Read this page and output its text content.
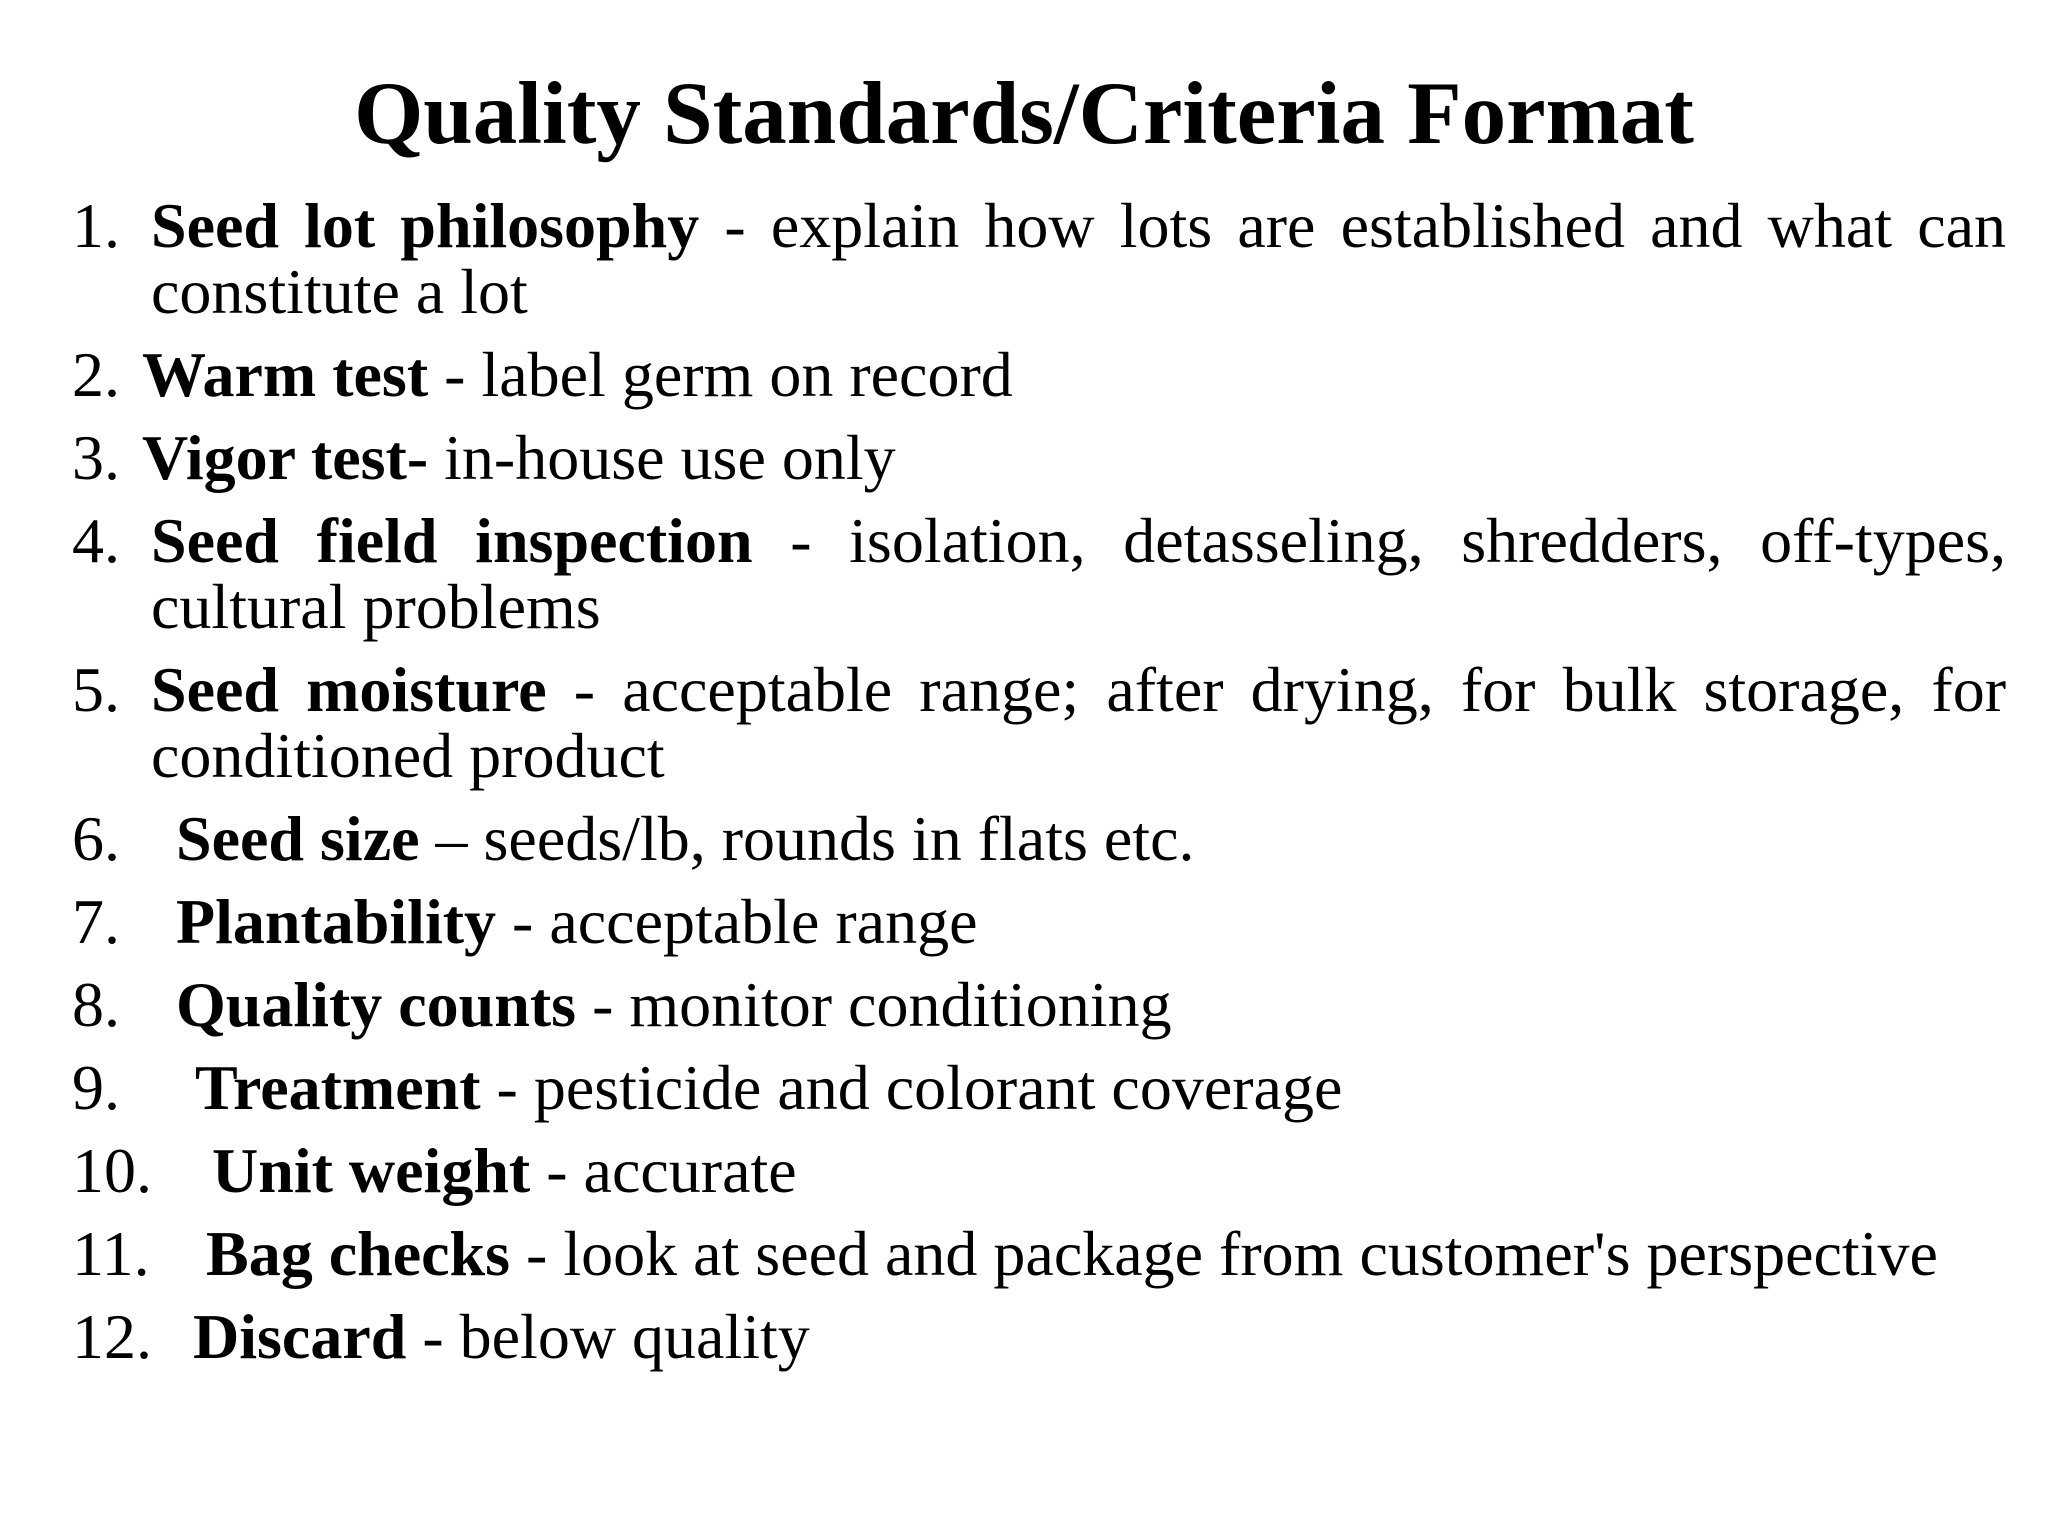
Quality Standards/Criteria Format
1. Seed lot philosophy - explain how lots are established and what can constitute a lot
2. Warm test - label germ on record
3. Vigor test- in-house use only
4. Seed field inspection - isolation, detasseling, shredders, off-types, cultural problems
5. Seed moisture - acceptable range; after drying, for bulk storage, for conditioned product
6. Seed size – seeds/lb, rounds in flats etc.
7. Plantability - acceptable range
8. Quality counts - monitor conditioning
9. Treatment - pesticide and colorant coverage
10. Unit weight - accurate
11. Bag checks - look at seed and package from customer's perspective
12. Discard - below quality
